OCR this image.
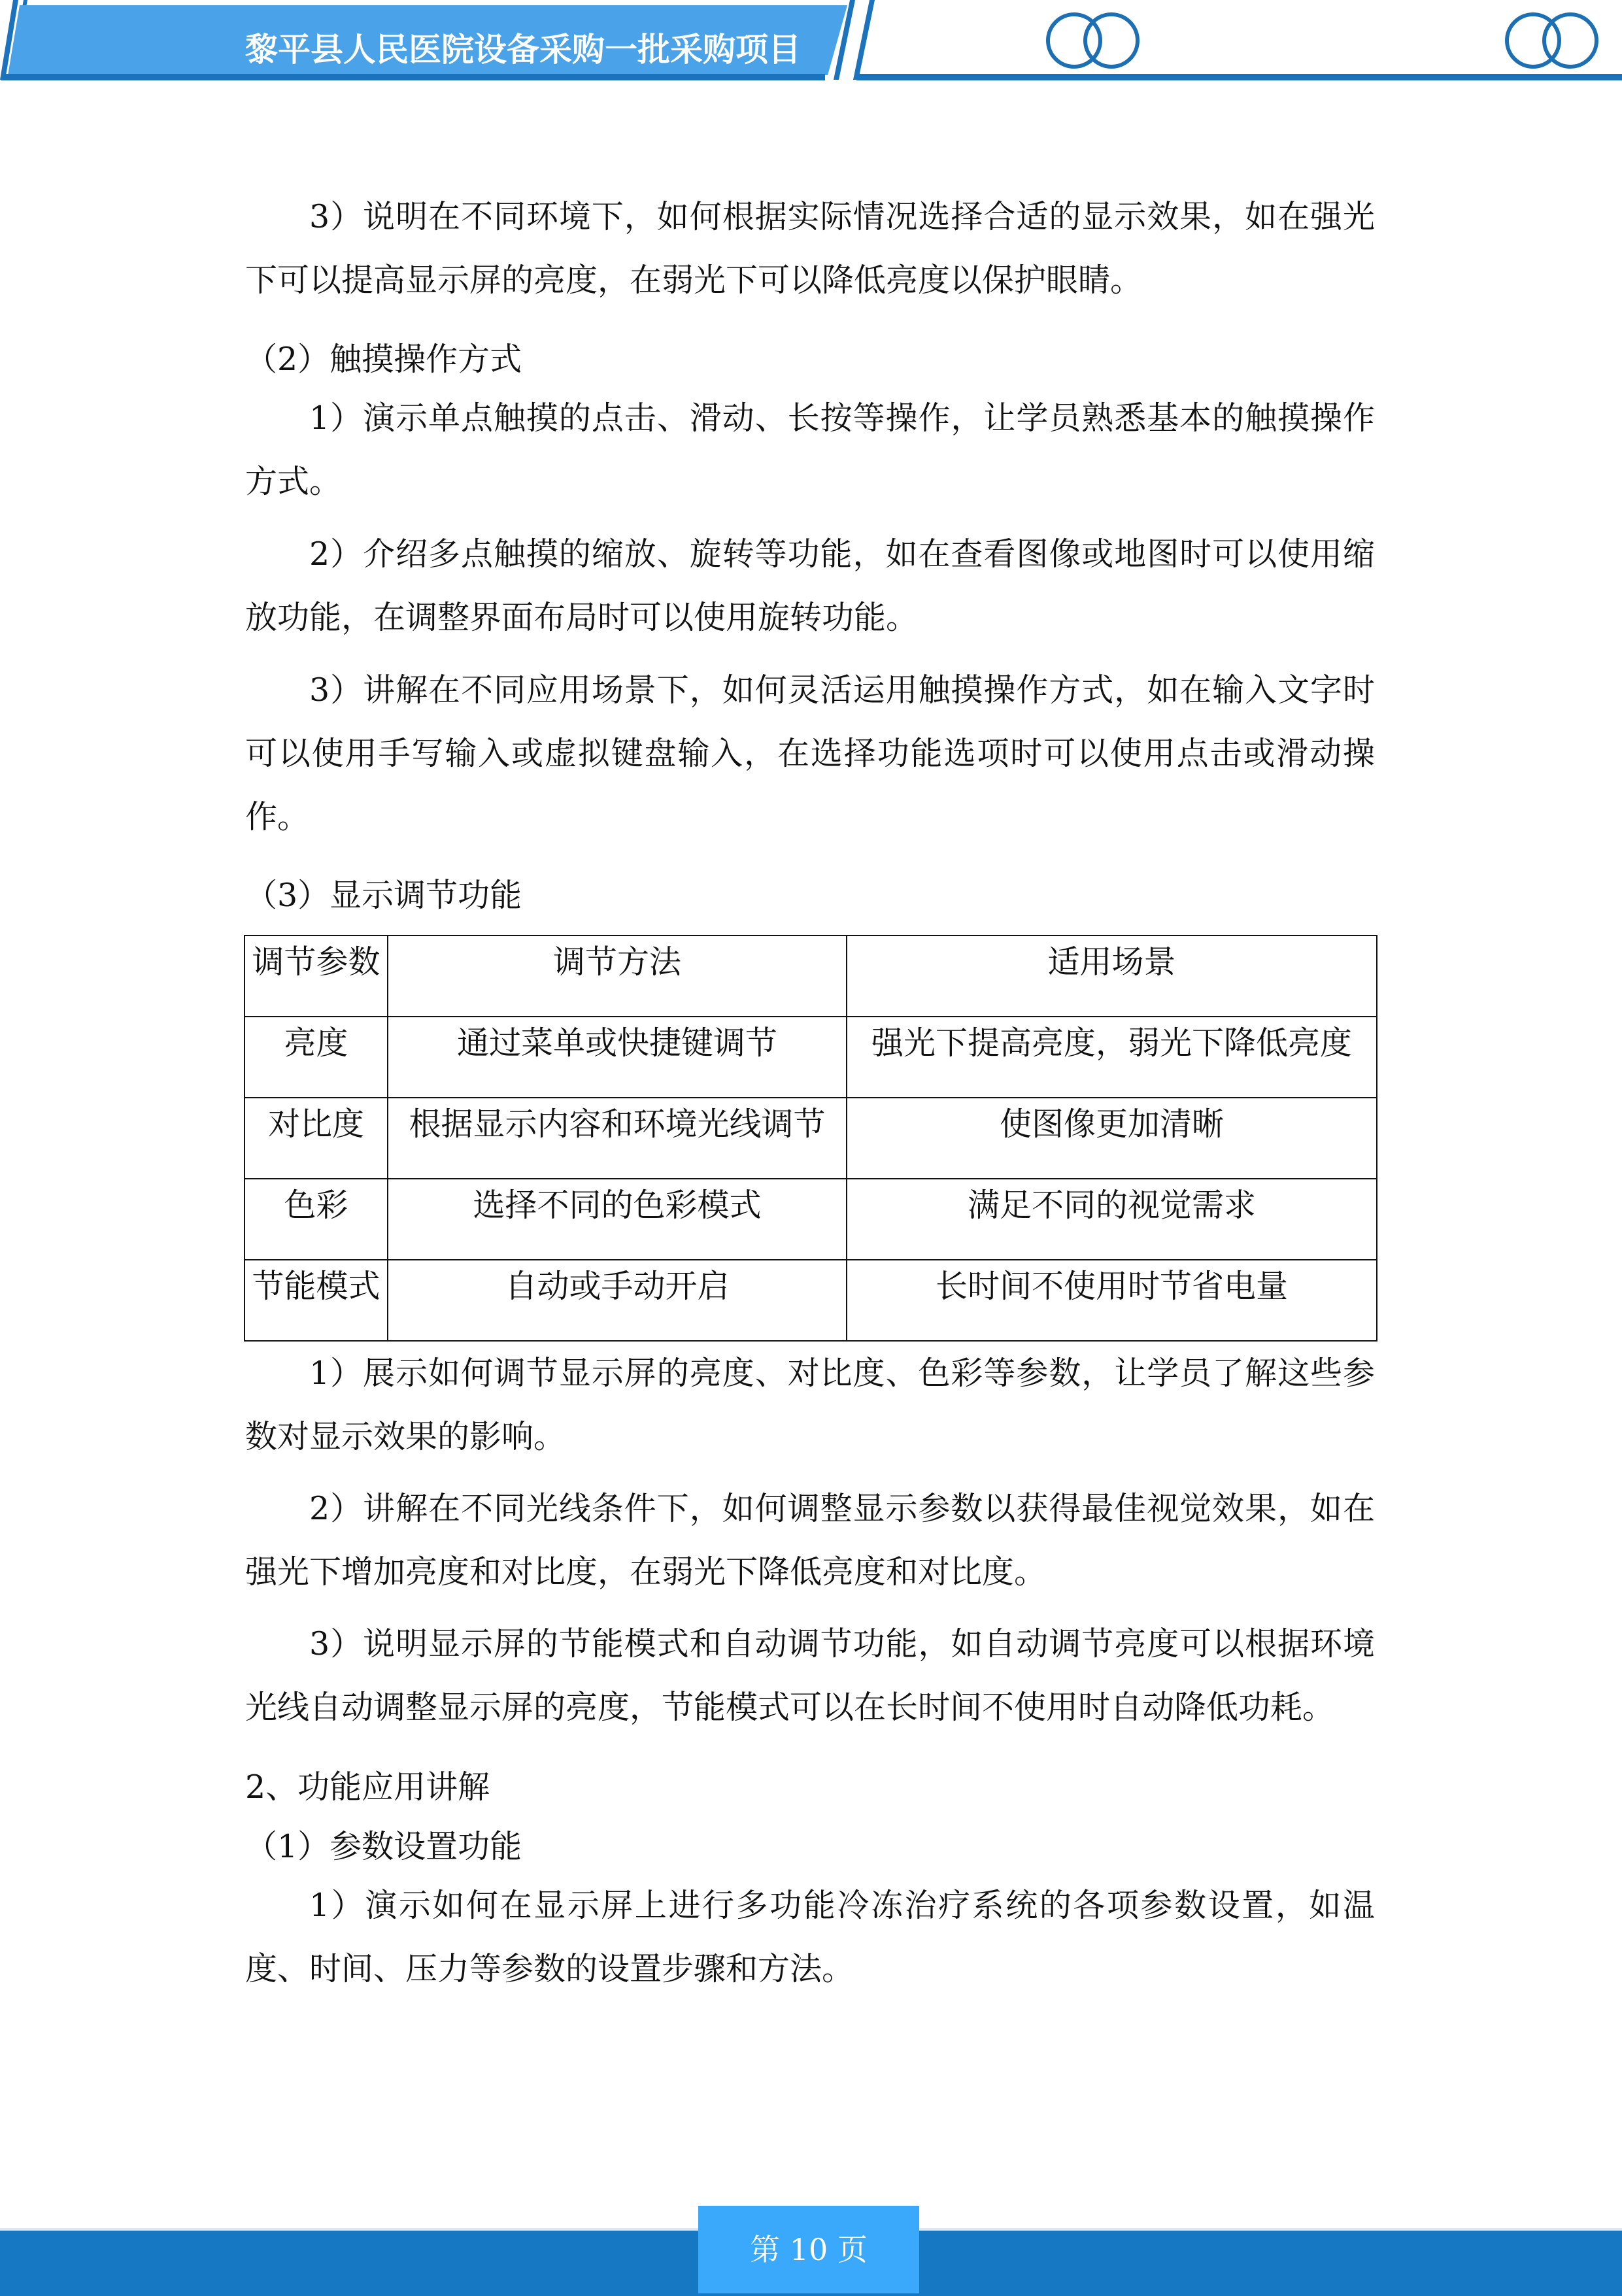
黎平县人民医院设备采购一批采购项目

3）说明在不同环境下，如何根据实际情况选择合适的显示效果，如在强光下可以提高显示屏的亮度，在弱光下可以降低亮度以保护眼睛。

（2）触摸操作方式

1）演示单点触摸的点击、滑动、长按等操作，让学员熟悉基本的触摸操作方式。

2）介绍多点触摸的缩放、旋转等功能，如在查看图像或地图时可以使用缩放功能，在调整界面布局时可以使用旋转功能。

3）讲解在不同应用场景下，如何灵活运用触摸操作方式，如在输入文字时可以使用手写输入或虚拟键盘输入，在选择功能选项时可以使用点击或滑动操作。

（3）显示调节功能

调节参数	调节方法	适用场景
亮度	通过菜单或快捷键调节	强光下提高亮度，弱光下降低亮度
对比度	根据显示内容和环境光线调节	使图像更加清晰
色彩	选择不同的色彩模式	满足不同的视觉需求
节能模式	自动或手动开启	长时间不使用时节省电量

1）展示如何调节显示屏的亮度、对比度、色彩等参数，让学员了解这些参数对显示效果的影响。

2）讲解在不同光线条件下，如何调整显示参数以获得最佳视觉效果，如在强光下增加亮度和对比度，在弱光下降低亮度和对比度。

3）说明显示屏的节能模式和自动调节功能，如自动调节亮度可以根据环境光线自动调整显示屏的亮度，节能模式可以在长时间不使用时自动降低功耗。

2、功能应用讲解

（1）参数设置功能

1）演示如何在显示屏上进行多功能冷冻治疗系统的各项参数设置，如温度、时间、压力等参数的设置步骤和方法。

第 10 页
